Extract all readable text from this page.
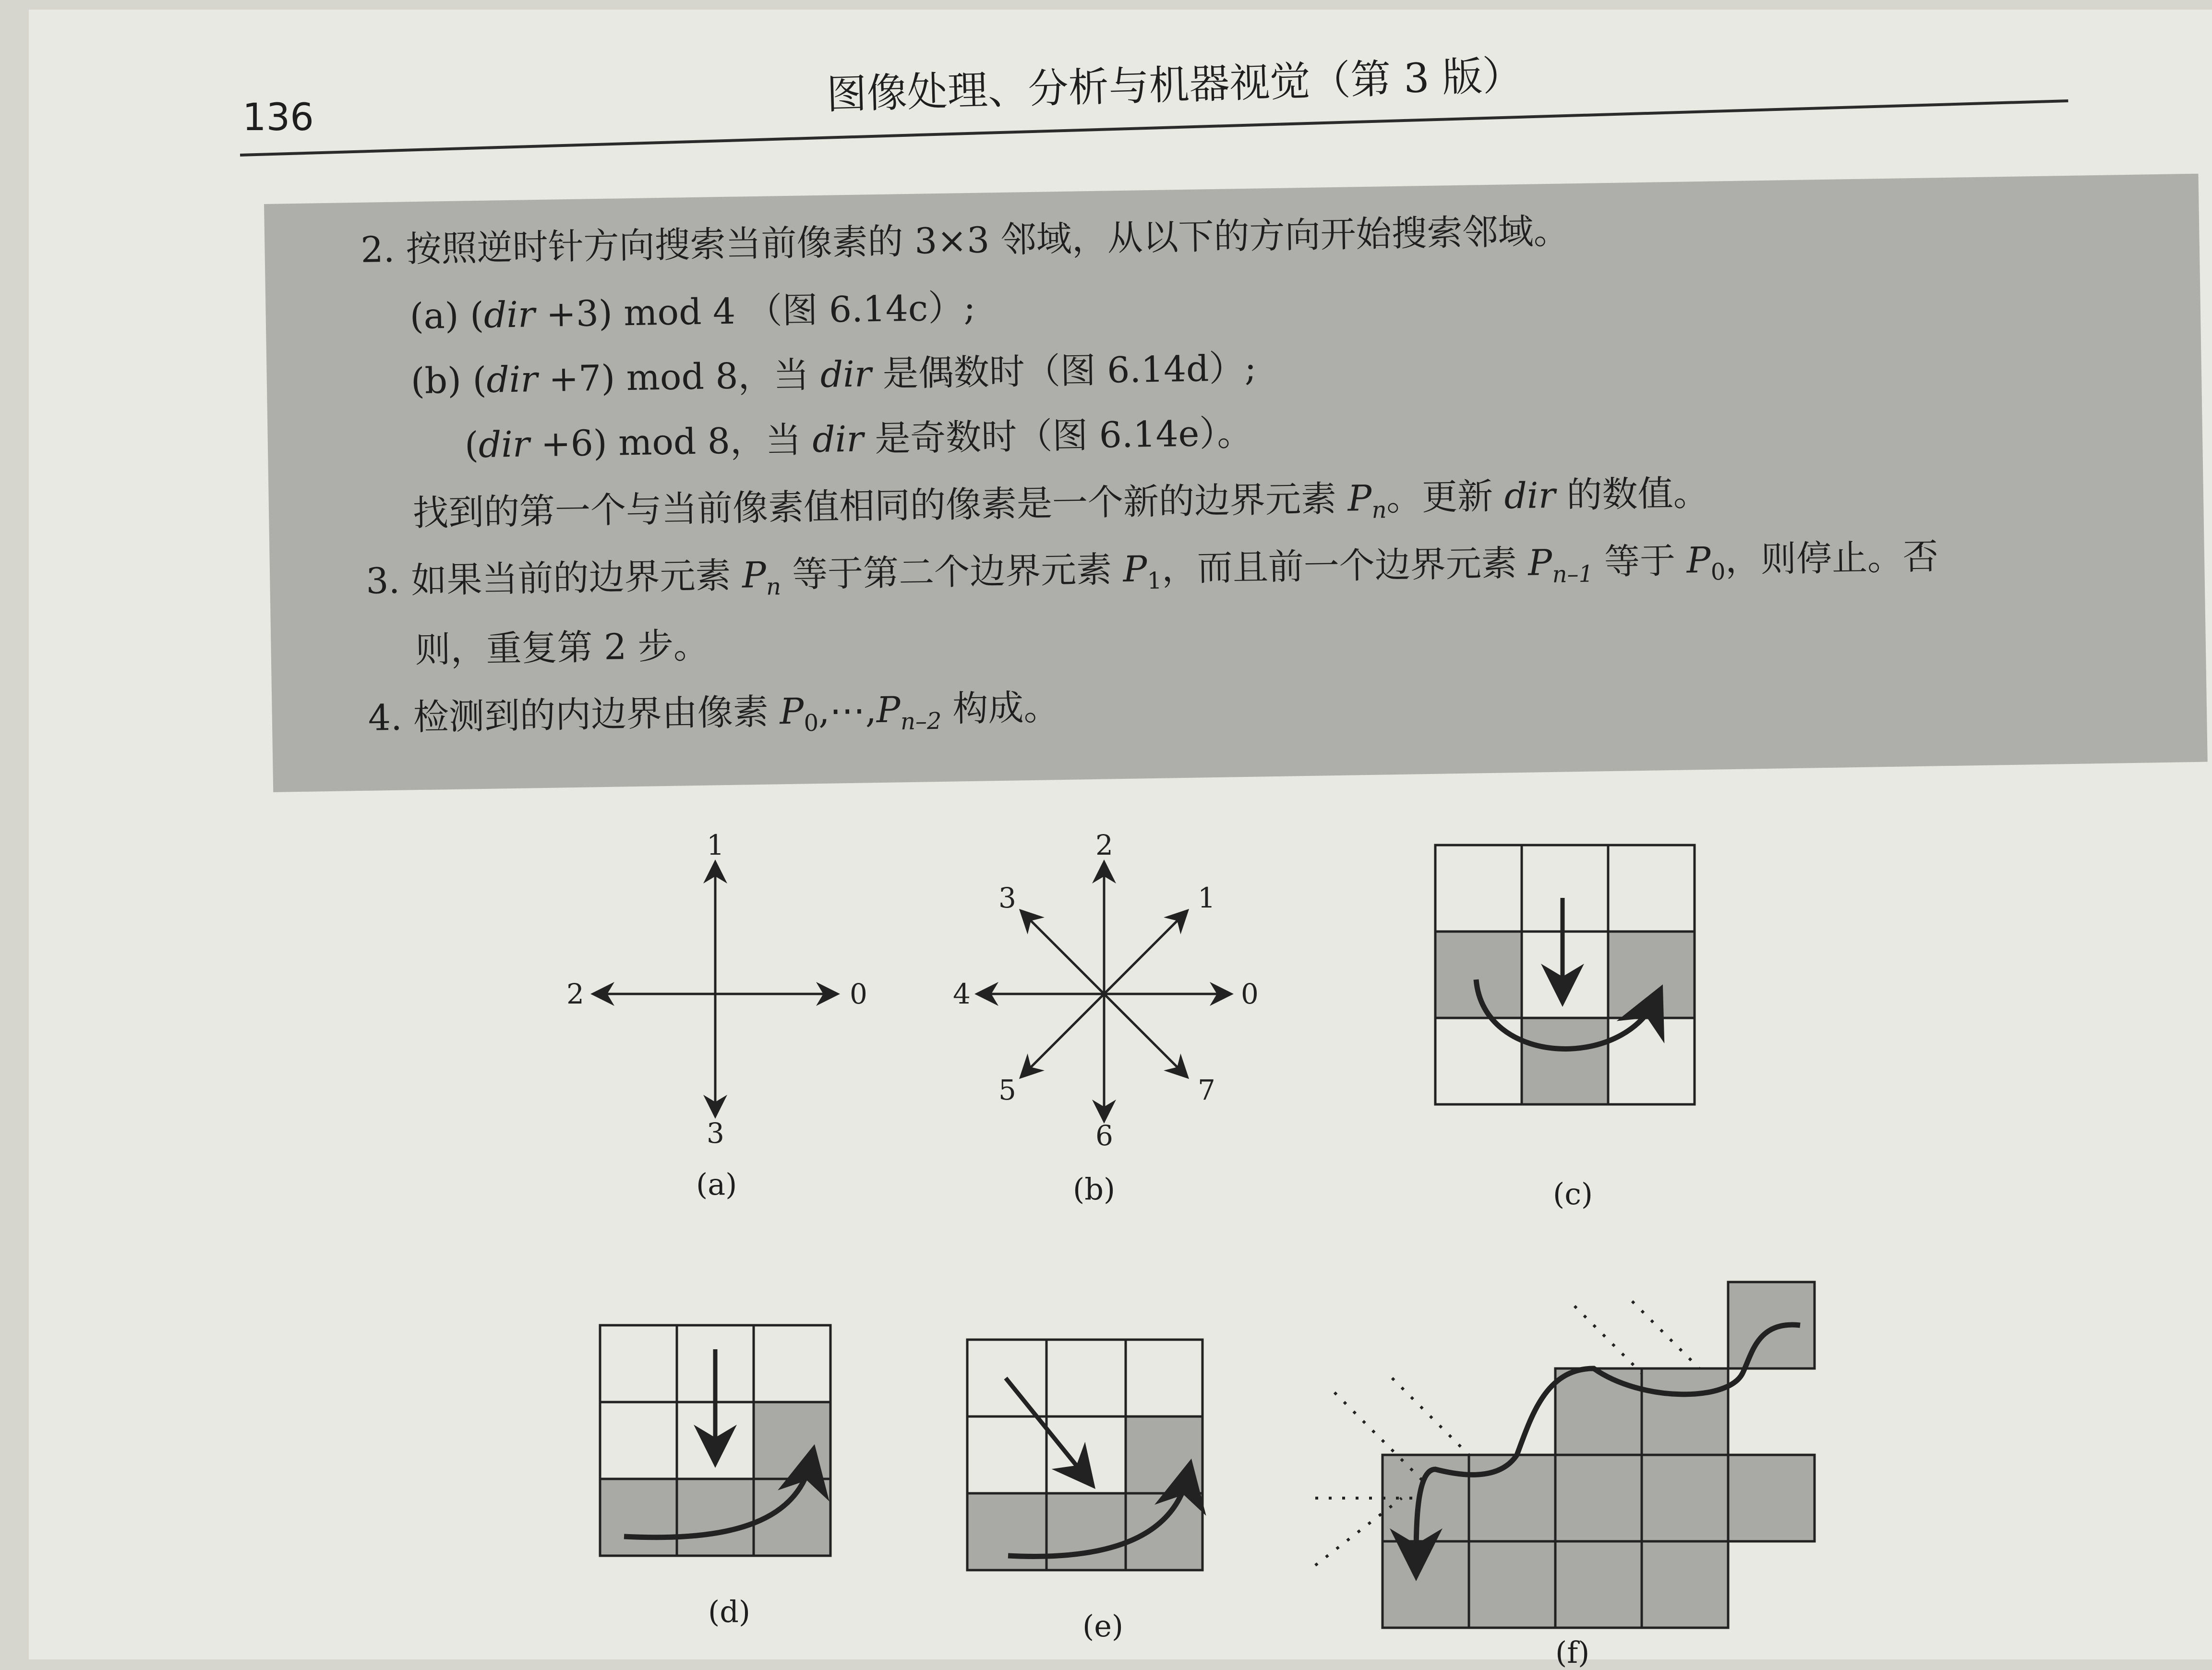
136	图像处理、分析与机器视觉（第 3 版）
2. 按照逆时针方向搜索当前像素的 3×3 邻域，从以下的方向开始搜索邻域。
(a) (dir +3) mod 4 （图 6.14c）;
(b) (dir +7) mod 8，当 dir 是偶数时（图 6.14d）;
(dir +6) mod 8，当 dir 是奇数时（图 6.14e）。
找到的第一个与当前像素值相同的像素是一个新的边界元素 $P_n$。更新 dir 的数值。
3. 如果当前的边界元素 $P_n$ 等于第二个边界元素 $P_1$，而且前一个边界元素 $P_{n-1}$ 等于 $P_0$，则停止。否
则，重复第 2 步。
4. 检测到的内边界由像素 $P_0,\cdots,P_{n-2}$ 构成。
1
2	0
3
(a)
2
1
3
4	0
5	7
6
(b)	(c)
(d)	(e)
(f)
